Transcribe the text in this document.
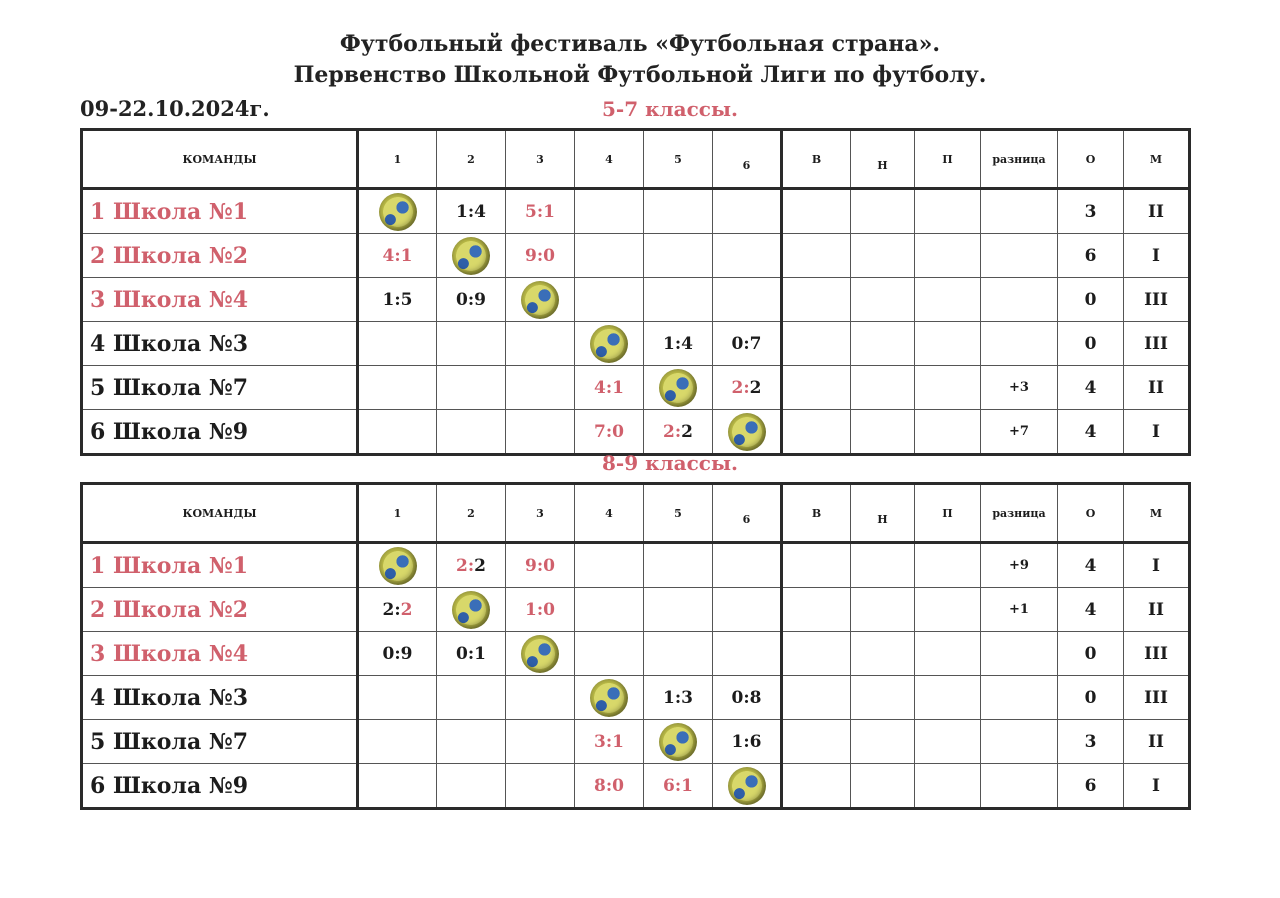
Футбольный фестиваль «Футбольная страна».
Первенство Школьной Футбольной Лиги по футболу.
09-22.10.2024г.	5-7 классы.
КОМАНДЫ	1	2	3	4	5	6	В	Н	П	разница	О	М
1 Школа №1		1:4	5:1								3	II
2 Школа №2	4:1		9:0								6	I
3 Школа №4	1:5	0:9									0	III
4 Школа №3					1:4	0:7					0	III
5 Школа №7				4:1		2:2				+3	4	II
6 Школа №9				7:0	2:2					+7	4	I
8-9 классы.
КОМАНДЫ	1	2	3	4	5	6	В	Н	П	разница	О	М
1 Школа №1		2:2	9:0							+9	4	I
2 Школа №2	2:2		1:0							+1	4	II
3 Школа №4	0:9	0:1									0	III
4 Школа №3					1:3	0:8					0	III
5 Школа №7				3:1		1:6					3	II
6 Школа №9				8:0	6:1						6	I
